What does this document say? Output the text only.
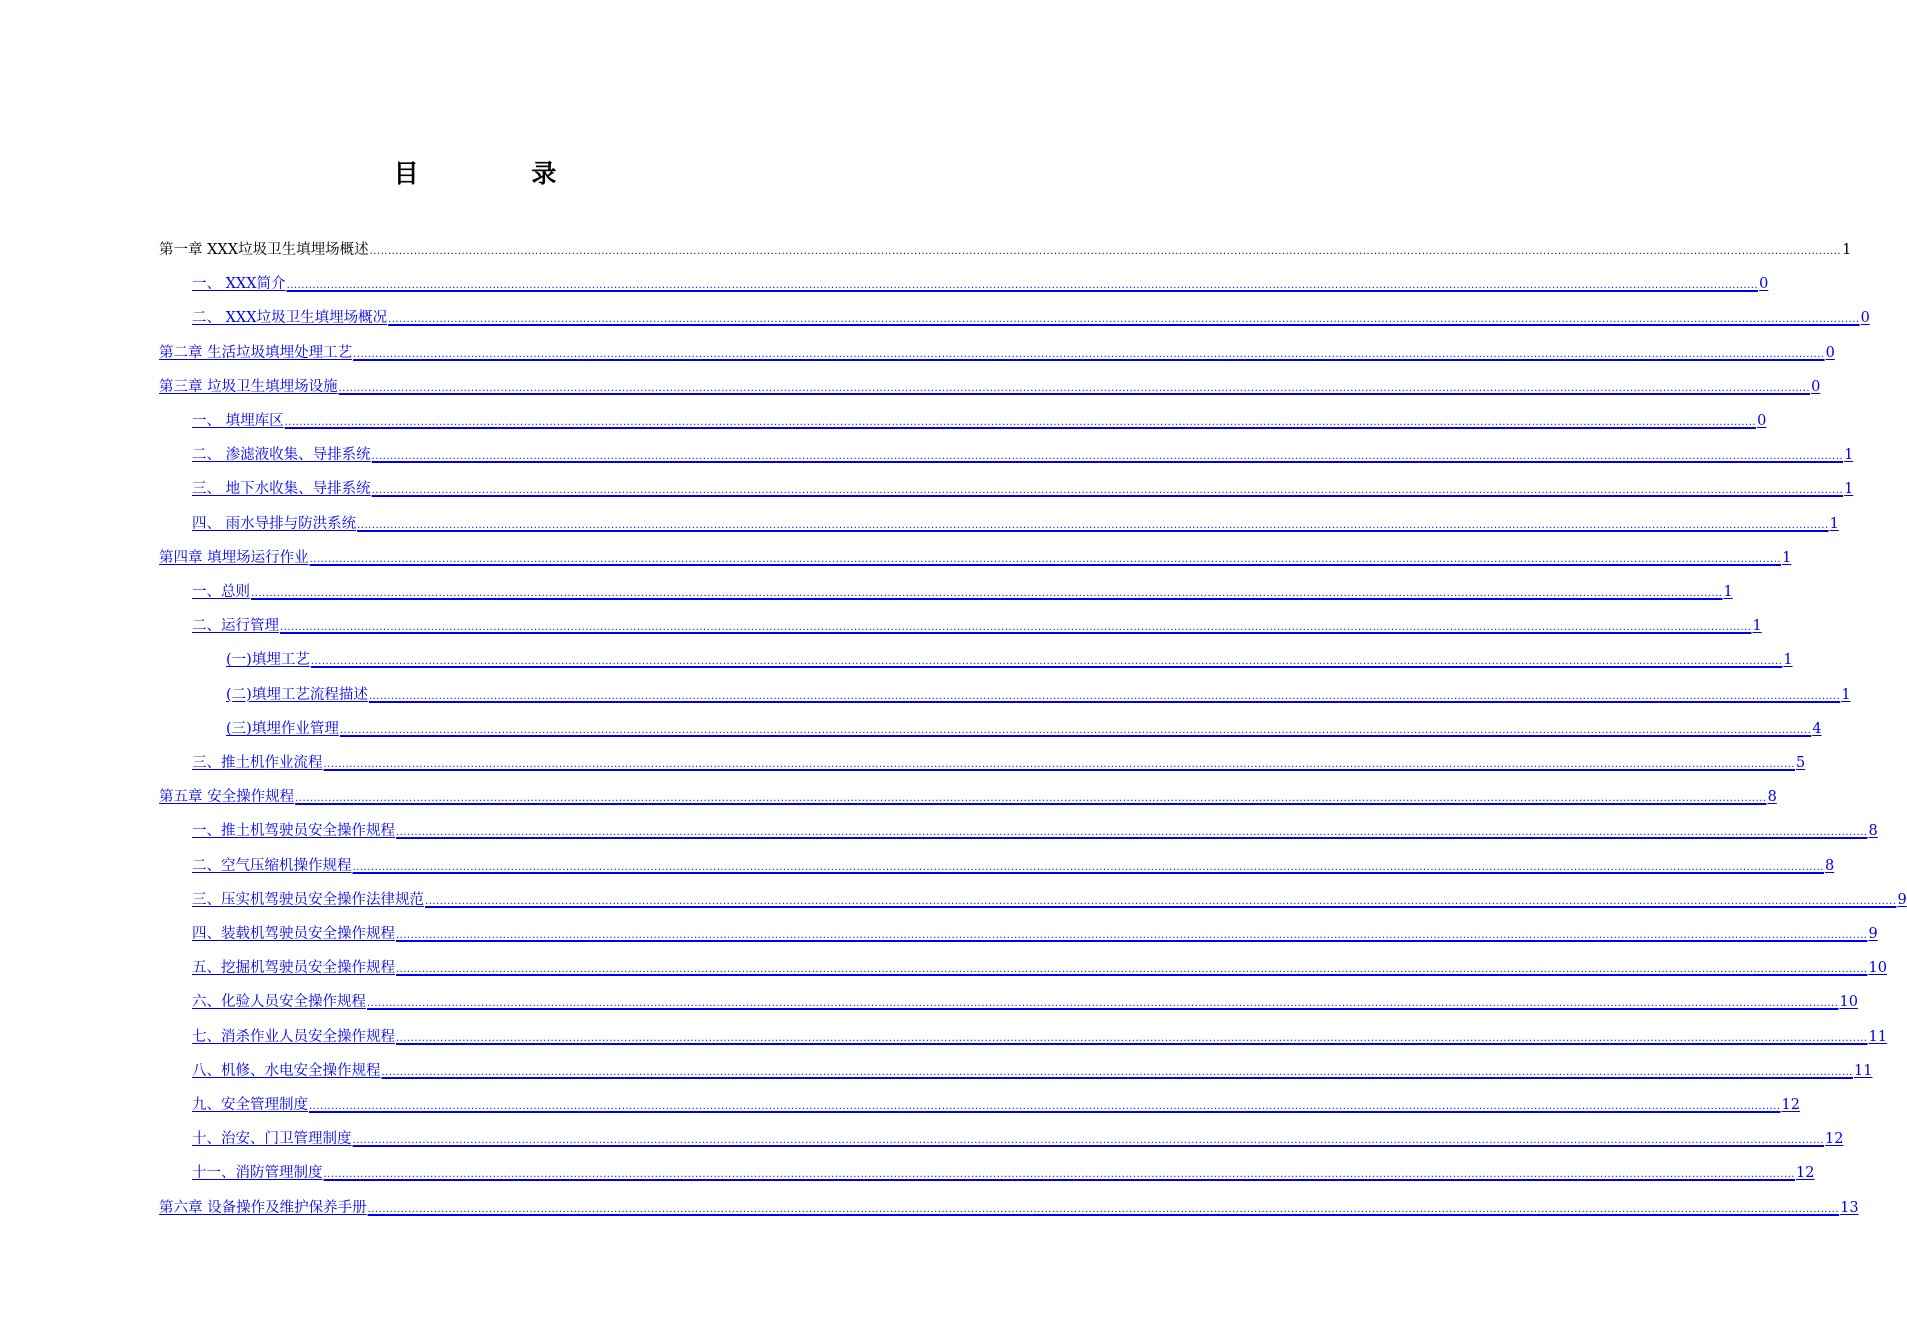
目 录
第一章 XXX垃圾卫生填埋场概述 ................................................................................................................................................................................................................................................................................................................................................................................................................ 1
一、 XXX简介 ................................................................................................................................................................................................................................................................................................................................................................................................................ 0
二、 XXX垃圾卫生填埋场概况 ................................................................................................................................................................................................................................................................................................................................................................................................................ 0
第二章 生活垃圾填埋处理工艺 ................................................................................................................................................................................................................................................................................................................................................................................................................ 0
第三章 垃圾卫生填埋场设施 ................................................................................................................................................................................................................................................................................................................................................................................................................ 0
一、 填埋库区 ................................................................................................................................................................................................................................................................................................................................................................................................................ 0
二、 渗滤液收集、导排系统 ................................................................................................................................................................................................................................................................................................................................................................................................................ 1
三、 地下水收集、导排系统 ................................................................................................................................................................................................................................................................................................................................................................................................................ 1
四、 雨水导排与防洪系统 ................................................................................................................................................................................................................................................................................................................................................................................................................ 1
第四章 填埋场运行作业 ................................................................................................................................................................................................................................................................................................................................................................................................................ 1
一、总则 ................................................................................................................................................................................................................................................................................................................................................................................................................ 1
二、运行管理 ................................................................................................................................................................................................................................................................................................................................................................................................................ 1
(一)填埋工艺 ................................................................................................................................................................................................................................................................................................................................................................................................................ 1
(二)填埋工艺流程描述 ................................................................................................................................................................................................................................................................................................................................................................................................................ 1
(三)填埋作业管理 ................................................................................................................................................................................................................................................................................................................................................................................................................ 4
三、推土机作业流程 ................................................................................................................................................................................................................................................................................................................................................................................................................ 5
第五章 安全操作规程 ................................................................................................................................................................................................................................................................................................................................................................................................................ 8
一、推土机驾驶员安全操作规程 ................................................................................................................................................................................................................................................................................................................................................................................................................ 8
二、空气压缩机操作规程 ................................................................................................................................................................................................................................................................................................................................................................................................................ 8
三、压实机驾驶员安全操作法律规范 ................................................................................................................................................................................................................................................................................................................................................................................................................ 9
四、装载机驾驶员安全操作规程 ................................................................................................................................................................................................................................................................................................................................................................................................................ 9
五、挖掘机驾驶员安全操作规程 ................................................................................................................................................................................................................................................................................................................................................................................................................ 10
六、化验人员安全操作规程 ................................................................................................................................................................................................................................................................................................................................................................................................................ 10
七、消杀作业人员安全操作规程 ................................................................................................................................................................................................................................................................................................................................................................................................................ 11
八、机修、水电安全操作规程 ................................................................................................................................................................................................................................................................................................................................................................................................................ 11
九、安全管理制度 ................................................................................................................................................................................................................................................................................................................................................................................................................ 12
十、治安、门卫管理制度 ................................................................................................................................................................................................................................................................................................................................................................................................................ 12
十一、消防管理制度 ................................................................................................................................................................................................................................................................................................................................................................................................................ 12
第六章 设备操作及维护保养手册 ................................................................................................................................................................................................................................................................................................................................................................................................................ 13
